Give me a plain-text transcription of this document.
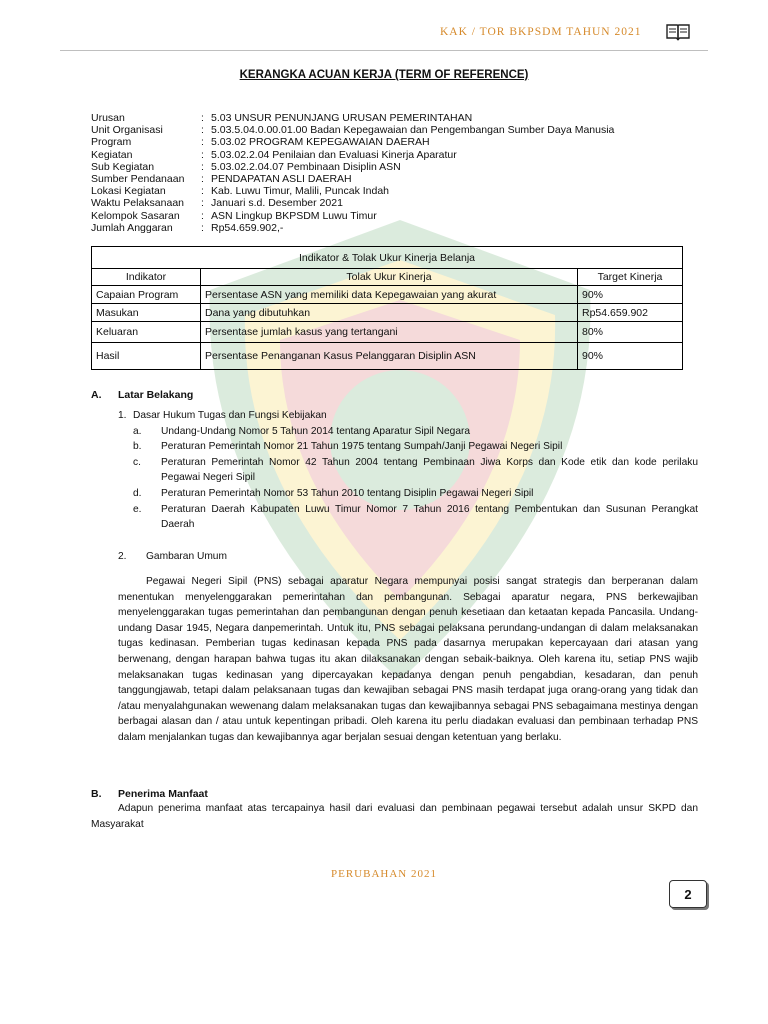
KAK / TOR BKPSDM TAHUN 2021
KERANGKA ACUAN KERJA (TERM OF REFERENCE)
Urusan	: 5.03 UNSUR PENUNJANG URUSAN PEMERINTAHAN
Unit Organisasi	: 5.03.5.04.0.00.01.00 Badan Kepegawaian dan Pengembangan Sumber Daya Manusia
Program	: 5.03.02 PROGRAM KEPEGAWAIAN DAERAH
Kegiatan	: 5.03.02.2.04 Penilaian dan Evaluasi Kinerja Aparatur
Sub Kegiatan	: 5.03.02.2.04.07 Pembinaan Disiplin ASN
Sumber Pendanaan	: PENDAPATAN ASLI DAERAH
Lokasi Kegiatan	: Kab. Luwu Timur, Malili, Puncak Indah
Waktu Pelaksanaan	: Januari s.d. Desember 2021
Kelompok Sasaran	: ASN Lingkup BKPSDM Luwu Timur
Jumlah Anggaran	: Rp54.659.902,-
Indikator & Tolak Ukur Kinerja Belanja		
Indikator	Tolak Ukur Kinerja	Target Kinerja
Capaian Program	Persentase ASN yang memiliki data Kepegawaian yang akurat	90%
Masukan	Dana yang dibutuhkan	Rp54.659.902
Keluaran	Persentase jumlah kasus yang tertangani	80%
Hasil	Persentase Penanganan Kasus Pelanggaran Disiplin ASN	90%
A.	Latar Belakang
1. Dasar Hukum Tugas dan Fungsi Kebijakan
a.	Undang-Undang Nomor 5 Tahun 2014 tentang Aparatur Sipil Negara
b.	Peraturan Pemerintah Nomor 21 Tahun 1975 tentang Sumpah/Janji Pegawai Negeri Sipil
c.	Peraturan Pemerintah Nomor 42 Tahun 2004 tentang Pembinaan Jiwa Korps dan Kode etik dan kode perilaku Pegawai Negeri Sipil
d.	Peraturan Pemerintah Nomor 53 Tahun 2010 tentang Disiplin Pegawai Negeri Sipil
e.	Peraturan Daerah Kabupaten Luwu Timur Nomor 7 Tahun 2016 tentang Pembentukan dan Susunan Perangkat Daerah
2.	Gambaran Umum
Pegawai Negeri Sipil (PNS) sebagai aparatur Negara mempunyai posisi sangat strategis dan berperanan dalam menentukan menyelenggarakan pemerintahan dan pembangunan. Sebagai aparatur negara, PNS berkewajiban menyelenggarakan tugas pemerintahan dan pembangunan dengan penuh kesetiaan dan ketaatan kepada Pancasila. Undang-undang Dasar 1945, Negara danpemerintah. Untuk itu, PNS sebagai pelaksana perundang-undangan di dalam melaksanakan tugas kedinasan. Pemberian tugas kedinasan kepada PNS pada dasarnya merupakan kepercayaan dari atasan yang berwenang, dengan harapan bahwa tugas itu akan dilaksanakan dengan sebaik-baiknya. Oleh karena itu, setiap PNS wajib melaksanakan tugas kedinasan yang dipercayakan kepadanya dengan penuh pengabdian, kesadaran, dan penuh tanggungjawab, tetapi dalam pelaksanaan tugas dan kewajiban sebagai PNS masih terdapat juga orang-orang yang tidak dan /atau menyalahgunakan wewenang dalam melaksanakan tugas dan kewajibannya sebagai PNS sebagaimana mestinya dengan berbagai alasan dan / atau untuk kepentingan pribadi. Oleh karena itu perlu diadakan evaluasi dan pembinaan terhadap PNS dalam menjalankan tugas dan kewajibannya agar berjalan sesuai dengan ketentuan yang berlaku.
B.	Penerima Manfaat
Adapun penerima manfaat atas tercapainya hasil dari evaluasi dan pembinaan pegawai tersebut adalah unsur SKPD dan Masyarakat
PERUBAHAN 2021
2
